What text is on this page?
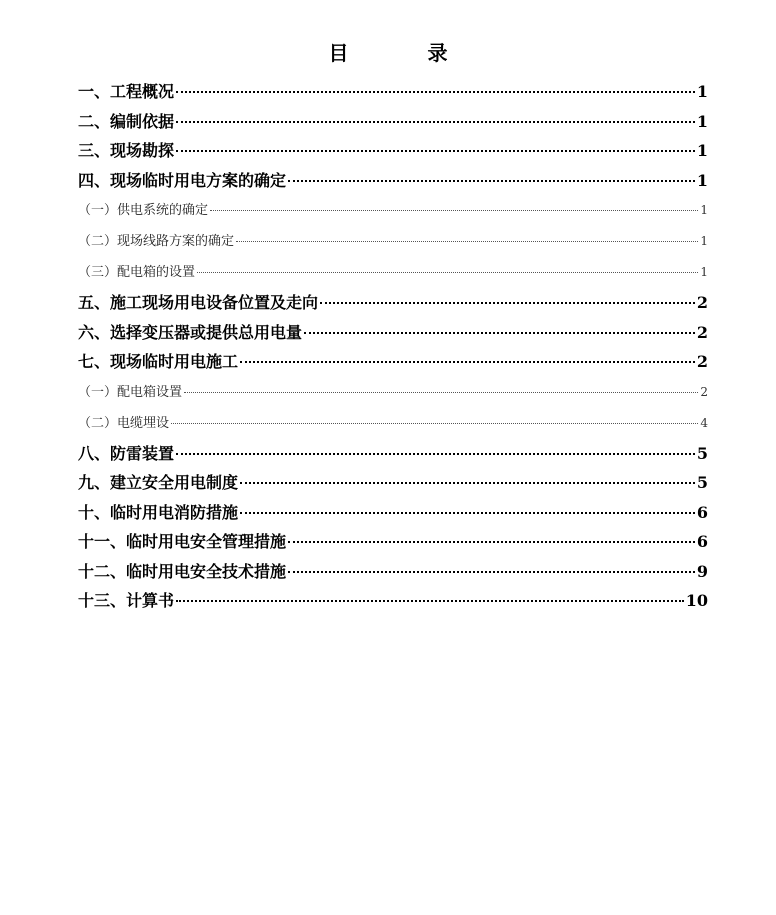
目 录
一、工程概况	1
二、编制依据	1
三、现场勘探	1
四、现场临时用电方案的确定	1
（一）供电系统的确定	1
（二）现场线路方案的确定	1
（三）配电箱的设置	1
五、施工现场用电设备位置及走向	2
六、选择变压器或提供总用电量	2
七、现场临时用电施工	2
（一）配电箱设置	2
（二）电缆埋设	4
八、防雷装置	5
九、建立安全用电制度	5
十、临时用电消防措施	6
十一、临时用电安全管理措施	6
十二、临时用电安全技术措施	9
十三、计算书	10
